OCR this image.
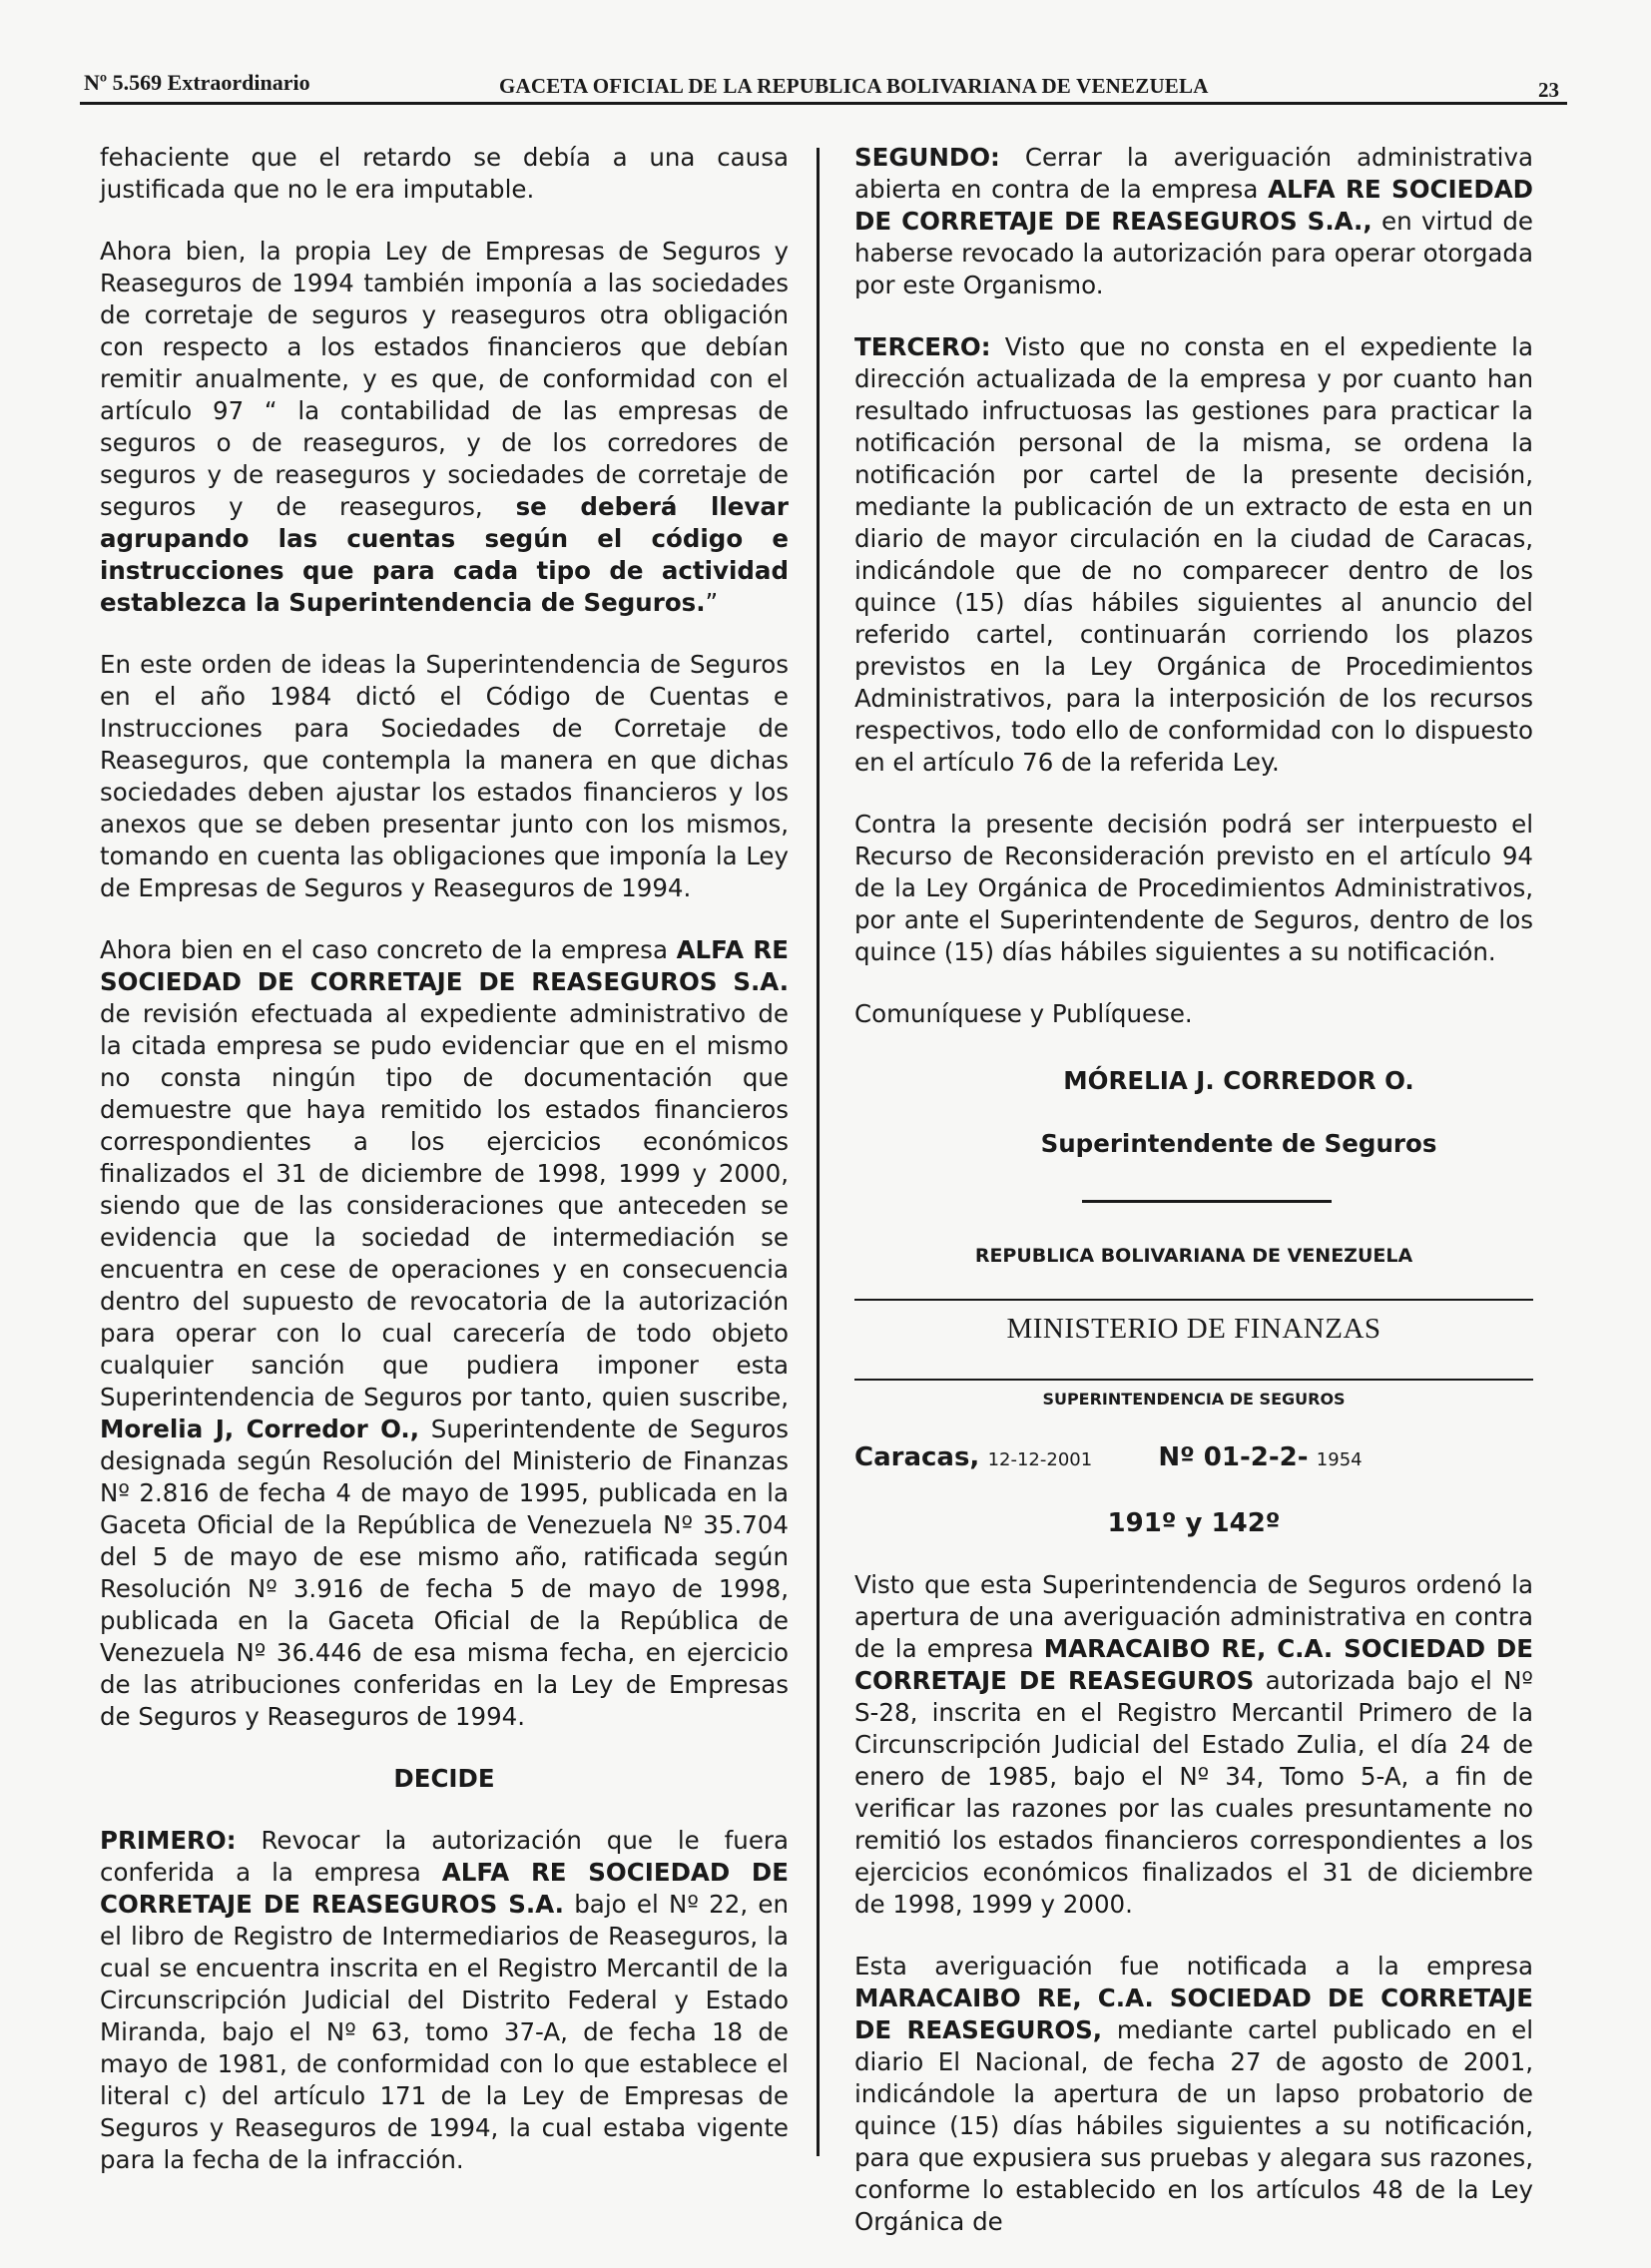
Nº 5.569 Extraordinario	GACETA OFICIAL DE LA REPUBLICA BOLIVARIANA DE VENEZUELA	23

fehaciente que el retardo se debía a una causa justificada que no le era imputable.

Ahora bien, la propia Ley de Empresas de Seguros y Reaseguros de 1994 también imponía a las sociedades de corretaje de seguros y reaseguros otra obligación con respecto a los estados financieros que debían remitir anualmente, y es que, de conformidad con el artículo 97 “ la contabilidad de las empresas de seguros o de reaseguros, y de los corredores de seguros y de reaseguros y sociedades de corretaje de seguros y de reaseguros, se deberá llevar agrupando las cuentas según el código e instrucciones que para cada tipo de actividad establezca la Superintendencia de Seguros.”

En este orden de ideas la Superintendencia de Seguros en el año 1984 dictó el Código de Cuentas e Instrucciones para Sociedades de Corretaje de Reaseguros, que contempla la manera en que dichas sociedades deben ajustar los estados financieros y los anexos que se deben presentar junto con los mismos, tomando en cuenta las obligaciones que imponía la Ley de Empresas de Seguros y Reaseguros de 1994.

Ahora bien en el caso concreto de la empresa ALFA RE SOCIEDAD DE CORRETAJE DE REASEGUROS S.A. de revisión efectuada al expediente administrativo de la citada empresa se pudo evidenciar que en el mismo no consta ningún tipo de documentación que demuestre que haya remitido los estados financieros correspondientes a los ejercicios económicos finalizados el 31 de diciembre de 1998, 1999 y 2000, siendo que de las consideraciones que anteceden se evidencia que la sociedad de intermediación se encuentra en cese de operaciones y en consecuencia dentro del supuesto de revocatoria de la autorización para operar con lo cual carecería de todo objeto cualquier sanción que pudiera imponer esta Superintendencia de Seguros por tanto, quien suscribe, Morelia J, Corredor O., Superintendente de Seguros designada según Resolución del Ministerio de Finanzas Nº 2.816 de fecha 4 de mayo de 1995, publicada en la Gaceta Oficial de la República de Venezuela Nº 35.704 del 5 de mayo de ese mismo año, ratificada según Resolución Nº 3.916 de fecha 5 de mayo de 1998, publicada en la Gaceta Oficial de la República de Venezuela Nº 36.446 de esa misma fecha, en ejercicio de las atribuciones conferidas en la Ley de Empresas de Seguros y Reaseguros de 1994.

DECIDE

PRIMERO: Revocar la autorización que le fuera conferida a la empresa ALFA RE SOCIEDAD DE CORRETAJE DE REASEGUROS S.A. bajo el Nº 22, en el libro de Registro de Intermediarios de Reaseguros, la cual se encuentra inscrita en el Registro Mercantil de la Circunscripción Judicial del Distrito Federal y Estado Miranda, bajo el Nº 63, tomo 37-A, de fecha 18 de mayo de 1981, de conformidad con lo que establece el literal c) del artículo 171 de la Ley de Empresas de Seguros y Reaseguros de 1994, la cual estaba vigente para la fecha de la infracción.

SEGUNDO: Cerrar la averiguación administrativa abierta en contra de la empresa ALFA RE SOCIEDAD DE CORRETAJE DE REASEGUROS S.A., en virtud de haberse revocado la autorización para operar otorgada por este Organismo.

TERCERO: Visto que no consta en el expediente la dirección actualizada de la empresa y por cuanto han resultado infructuosas las gestiones para practicar la notificación personal de la misma, se ordena la notificación por cartel de la presente decisión, mediante la publicación de un extracto de esta en un diario de mayor circulación en la ciudad de Caracas, indicándole que de no comparecer dentro de los quince (15) días hábiles siguientes al anuncio del referido cartel, continuarán corriendo los plazos previstos en la Ley Orgánica de Procedimientos Administrativos, para la interposición de los recursos respectivos, todo ello de conformidad con lo dispuesto en el artículo 76 de la referida Ley.

Contra la presente decisión podrá ser interpuesto el Recurso de Reconsideración previsto en el artículo 94 de la Ley Orgánica de Procedimientos Administrativos, por ante el Superintendente de Seguros, dentro de los quince (15) días hábiles siguientes a su notificación.

Comuníquese y Publíquese.

MÓRELIA J. CORREDOR O.

Superintendente de Seguros

REPUBLICA BOLIVARIANA DE VENEZUELA

MINISTERIO DE FINANZAS

SUPERINTENDENCIA DE SEGUROS

Caracas, 12-12-2001	Nº 01-2-2- 1954

191º y 142º

Visto que esta Superintendencia de Seguros ordenó la apertura de una averiguación administrativa en contra de la empresa MARACAIBO RE, C.A. SOCIEDAD DE CORRETAJE DE REASEGUROS autorizada bajo el Nº S-28, inscrita en el Registro Mercantil Primero de la Circunscripción Judicial del Estado Zulia, el día 24 de enero de 1985, bajo el Nº 34, Tomo 5-A, a fin de verificar las razones por las cuales presuntamente no remitió los estados financieros correspondientes a los ejercicios económicos finalizados el 31 de diciembre de 1998, 1999 y 2000.

Esta averiguación fue notificada a la empresa MARACAIBO RE, C.A. SOCIEDAD DE CORRETAJE DE REASEGUROS, mediante cartel publicado en el diario El Nacional, de fecha 27 de agosto de 2001, indicándole la apertura de un lapso probatorio de quince (15) días hábiles siguientes a su notificación, para que expusiera sus pruebas y alegara sus razones, conforme lo establecido en los artículos 48 de la Ley Orgánica de
